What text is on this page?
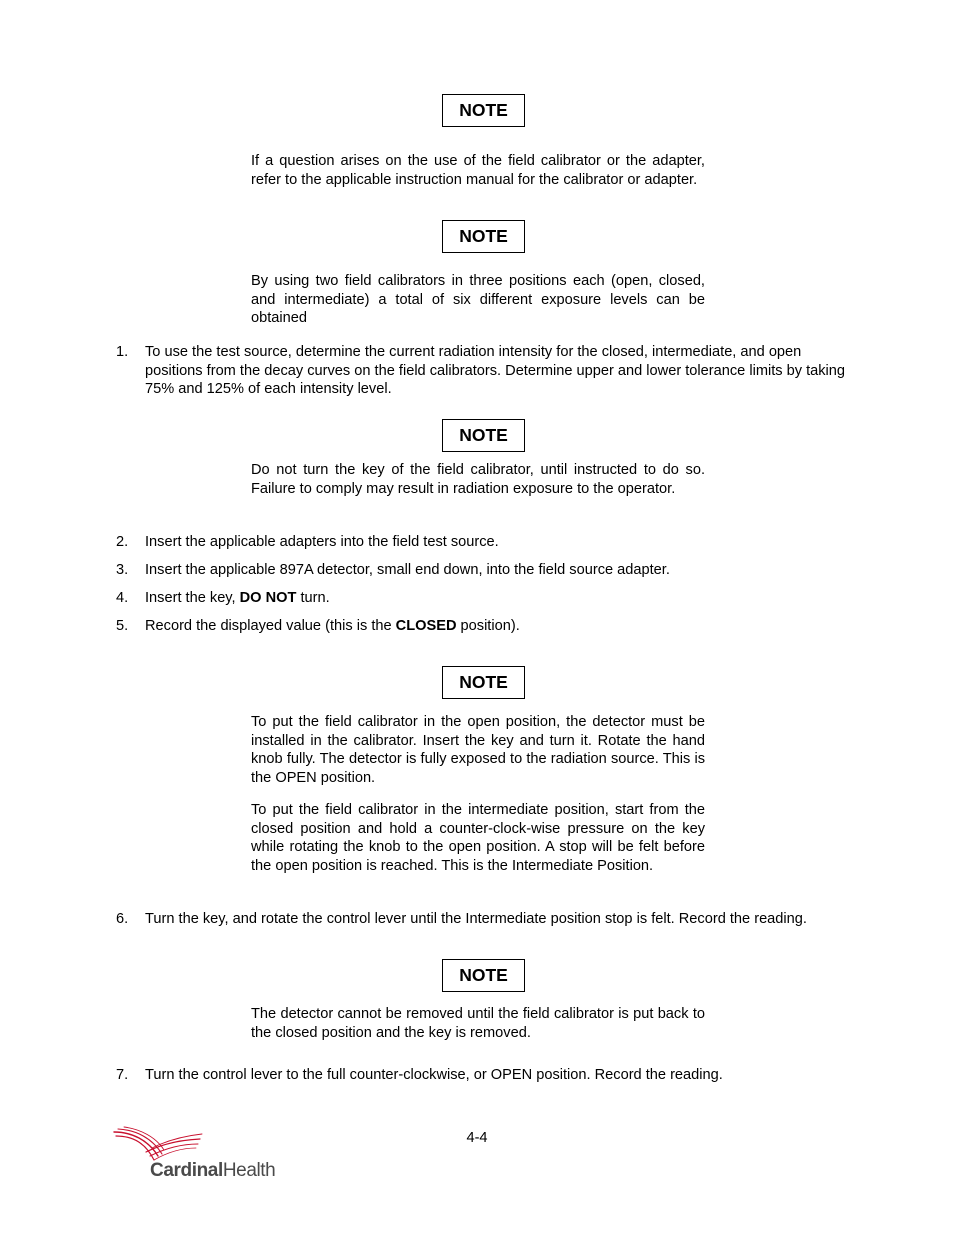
NOTE

If a question arises on the use of the field calibrator or the adapter, refer to the applicable instruction manual for the calibrator or adapter.

NOTE

By using two field calibrators in three positions each (open, closed, and intermediate) a total of six different exposure levels can be obtained

1. To use the test source, determine the current radiation intensity for the closed, intermediate, and open positions from the decay curves on the field calibrators. Determine upper and lower tolerance limits by taking 75% and 125% of each intensity level.
NOTE

Do not turn the key of the field calibrator, until instructed to do so. Failure to comply may result in radiation exposure to the operator.

2. Insert the applicable adapters into the field test source.
3. Insert the applicable 897A detector, small end down, into the field source adapter.
4. Insert the key, DO NOT turn.
5. Record the displayed value (this is the CLOSED position).
NOTE

To put the field calibrator in the open position, the detector must be installed in the calibrator. Insert the key and turn it. Rotate the hand knob fully. The detector is fully exposed to the radiation source. This is the OPEN position.

To put the field calibrator in the intermediate position, start from the closed position and hold a counter-clock-wise pressure on the key while rotating the knob to the open position. A stop will be felt before the open position is reached. This is the Intermediate Position.

6. Turn the key, and rotate the control lever until the Intermediate position stop is felt. Record the reading.
NOTE

The detector cannot be removed until the field calibrator is put back to the closed position and the key is removed.

7. Turn the control lever to the full counter-clockwise, or OPEN position. Record the reading.
4-4
CardinalHealth
